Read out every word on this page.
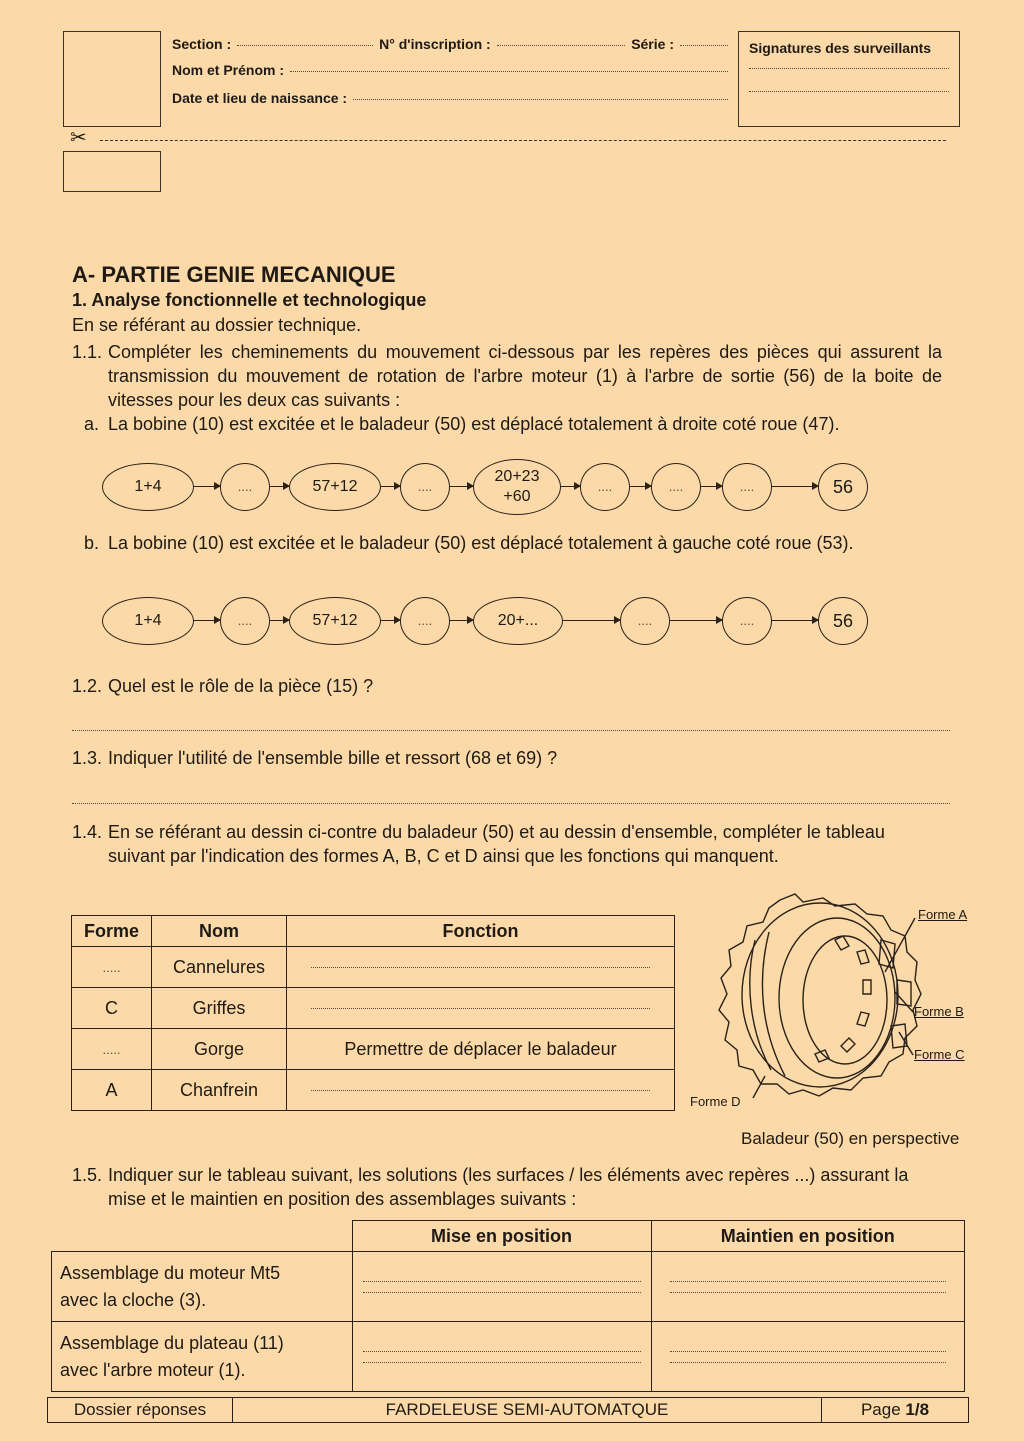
Section :	N° d'inscription :	Série :
Nom et Prénom :
Date et lieu de naissance :
Signatures des surveillants
✂
A- PARTIE GENIE MECANIQUE
1. Analyse fonctionnelle et technologique
En se référant au dossier technique.
1.1. Compléter les cheminements du mouvement ci-dessous par les repères des pièces qui assurent la transmission du mouvement de rotation de l'arbre moteur (1) à l'arbre de sortie (56) de la boite de vitesses pour les deux cas suivants :
a. La bobine (10) est excitée et le baladeur (50) est déplacé totalement à droite coté roue (47).
1+4	....	57+12	....
20+23
+60
....	....	....	56
b. La bobine (10) est excitée et le baladeur (50) est déplacé totalement à gauche coté roue (53).
1+4	....	57+12	....	20+...	....	....	56
1.2. Quel est le rôle de la pièce (15) ?
1.3. Indiquer l'utilité de l'ensemble bille et ressort (68 et 69) ?
1.4. En se référant au dessin ci-contre du baladeur (50) et au dessin d'ensemble, compléter le tableau suivant par l'indication des formes A, B, C et D ainsi que les fonctions qui manquent.
Forme	Nom	Fonction
.....	Cannelures	
C	Griffes	
.....	Gorge	Permettre de déplacer le baladeur
A	Chanfrein	
Forme A
Forme B
Forme C
Forme D
Baladeur (50) en perspective
1.5. Indiquer sur le tableau suivant, les solutions (les surfaces / les éléments avec repères ...) assurant la mise et le maintien en position des assemblages suivants :
	Mise en position	Maintien en position

Assemblage du moteur Mt5
avec la cloche (3).		

Assemblage du plateau (11)
avec l'arbre moteur (1).		

Dossier réponses	FARDELEUSE SEMI-AUTOMATQUE	Page 1/8
